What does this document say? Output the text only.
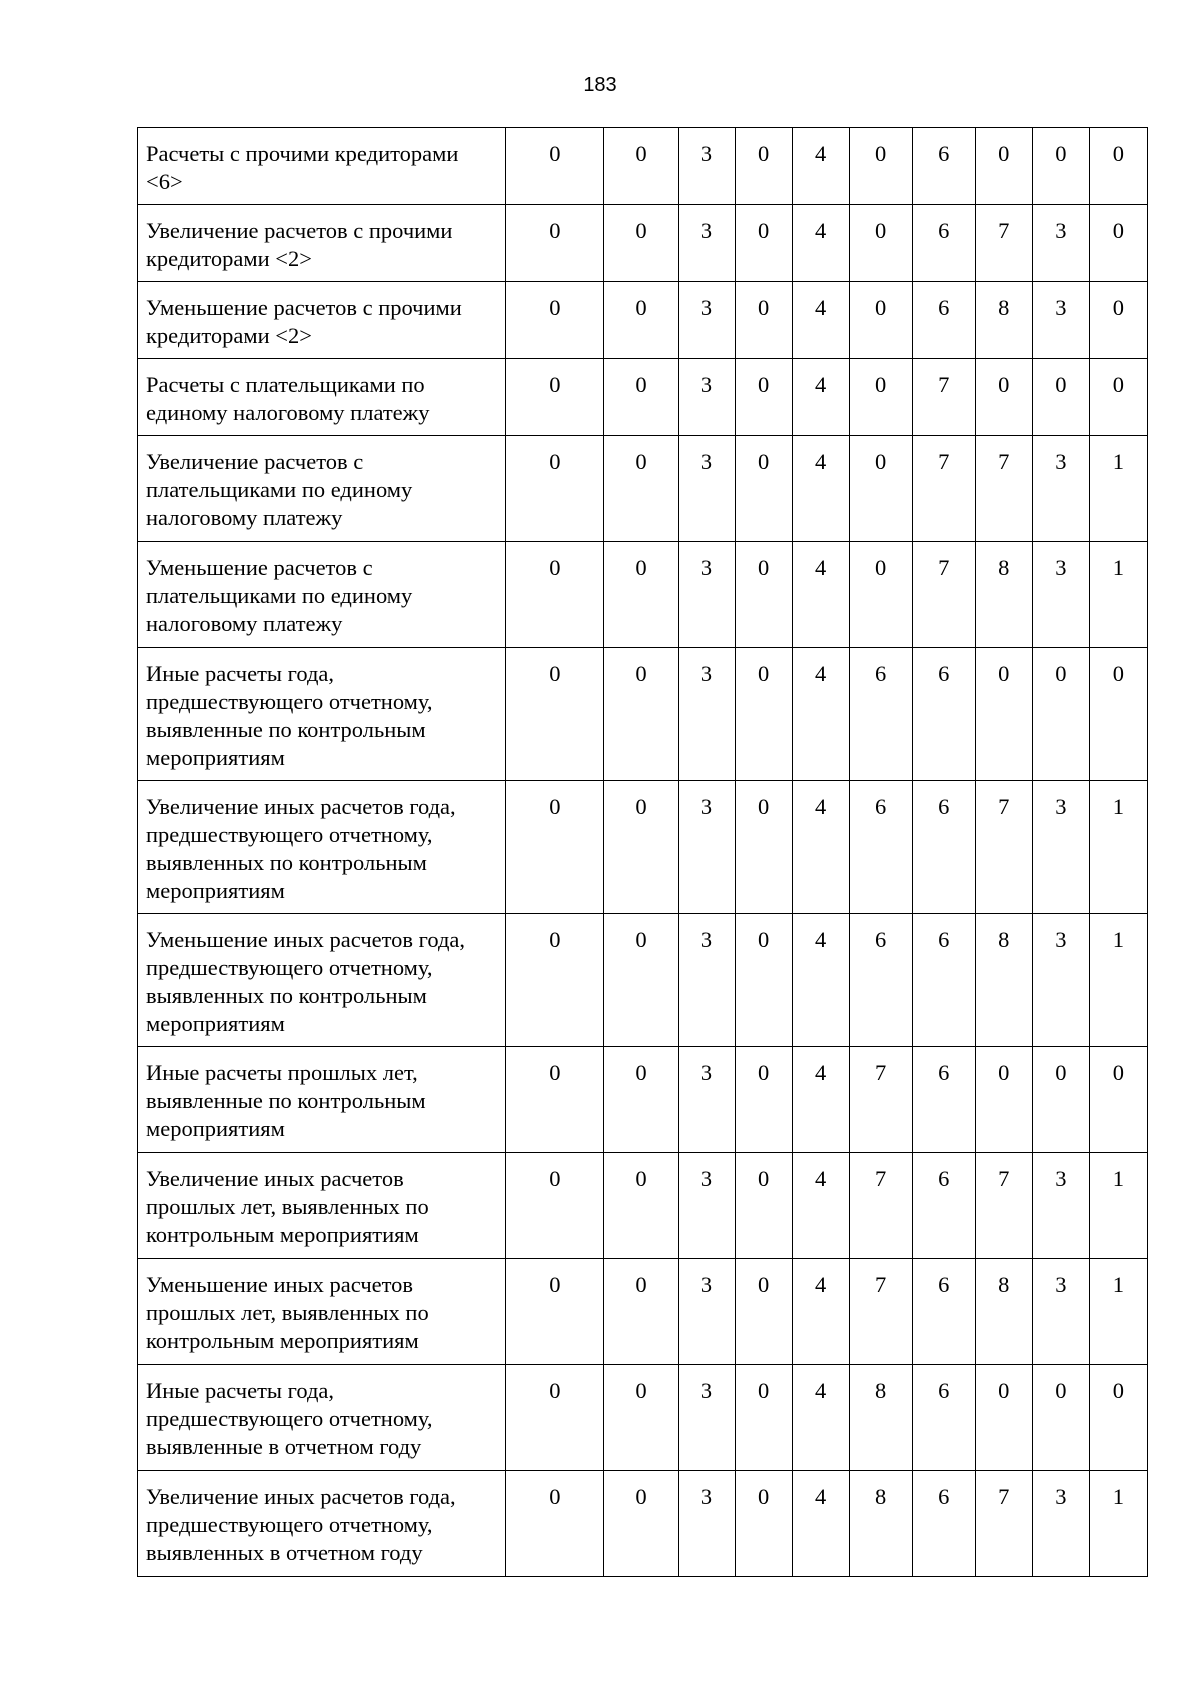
183
Расчеты с прочими кредиторами <6>	0	0	3	0	4	0	6	0	0	0
Увеличение расчетов с прочими кредиторами <2>	0	0	3	0	4	0	6	7	3	0
Уменьшение расчетов с прочими кредиторами <2>	0	0	3	0	4	0	6	8	3	0
Расчеты с плательщиками по единому налоговому платежу	0	0	3	0	4	0	7	0	0	0
Увеличение расчетов с плательщиками по единому налоговому платежу	0	0	3	0	4	0	7	7	3	1
Уменьшение расчетов с плательщиками по единому налоговому платежу	0	0	3	0	4	0	7	8	3	1
Иные расчеты года, предшествующего отчетному, выявленные по контрольным мероприятиям	0	0	3	0	4	6	6	0	0	0
Увеличение иных расчетов года, предшествующего отчетному, выявленных по контрольным мероприятиям	0	0	3	0	4	6	6	7	3	1
Уменьшение иных расчетов года, предшествующего отчетному, выявленных по контрольным мероприятиям	0	0	3	0	4	6	6	8	3	1
Иные расчеты прошлых лет, выявленные по контрольным мероприятиям	0	0	3	0	4	7	6	0	0	0
Увеличение иных расчетов прошлых лет, выявленных по контрольным мероприятиям	0	0	3	0	4	7	6	7	3	1
Уменьшение иных расчетов прошлых лет, выявленных по контрольным мероприятиям	0	0	3	0	4	7	6	8	3	1
Иные расчеты года, предшествующего отчетному, выявленные в отчетном году	0	0	3	0	4	8	6	0	0	0
Увеличение иных расчетов года, предшествующего отчетному, выявленных в отчетном году	0	0	3	0	4	8	6	7	3	1
